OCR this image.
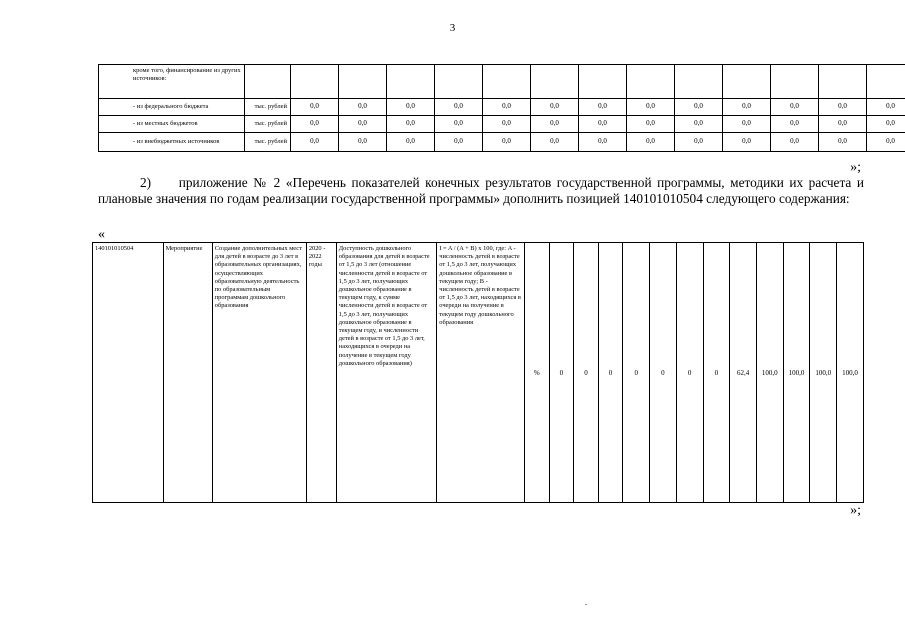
3
кроме того, финансирование из других источников:														
- из федерального бюджета	тыс. рублей	0,0	0,0	0,0	0,0	0,0	0,0	0,0	0,0	0,0	0,0	0,0	0,0	0,0
- из местных бюджетов	тыс. рублей	0,0	0,0	0,0	0,0	0,0	0,0	0,0	0,0	0,0	0,0	0,0	0,0	0,0
- из внебюджетных источников	тыс. рублей	0,0	0,0	0,0	0,0	0,0	0,0	0,0	0,0	0,0	0,0	0,0	0,0	0,0
»;
2) приложение № 2 «Перечень показателей конечных результатов государственной программы, методики их расчета и плановые значения по годам реализации государственной программы» дополнить позицией 140101010504 следующего содержания:
«
140101010504	Мероприятие	Создание дополнительных мест для детей в возрасте до 3 лет в образовательных организациях, осуществляющих образовательную деятельность по образовательным программам дошкольного образования	2020 - 2022 годы	Доступность дошкольного образования для детей в возрасте от 1,5 до 3 лет (отношение численности детей в возрасте от 1,5 до 3 лет, получающих дошкольное образование в текущем году, к сумме численности детей в возрасте от 1,5 до 3 лет, получающих дошкольное образование в текущем году, и численности детей в возрасте от 1,5 до 3 лет, находящихся в очереди на получение в текущем году дошкольного образования)	I = A / (A + B) x 100, где: A - численность детей в возрасте от 1,5 до 3 лет, получающих дошкольное образование в текущем году; B - численность детей в возрасте от 1,5 до 3 лет, находящихся в очереди на получение в текущем году дошкольного образования	%	0	0	0	0	0	0	0	62,4	100,0	100,0	100,0	100,0
»;
